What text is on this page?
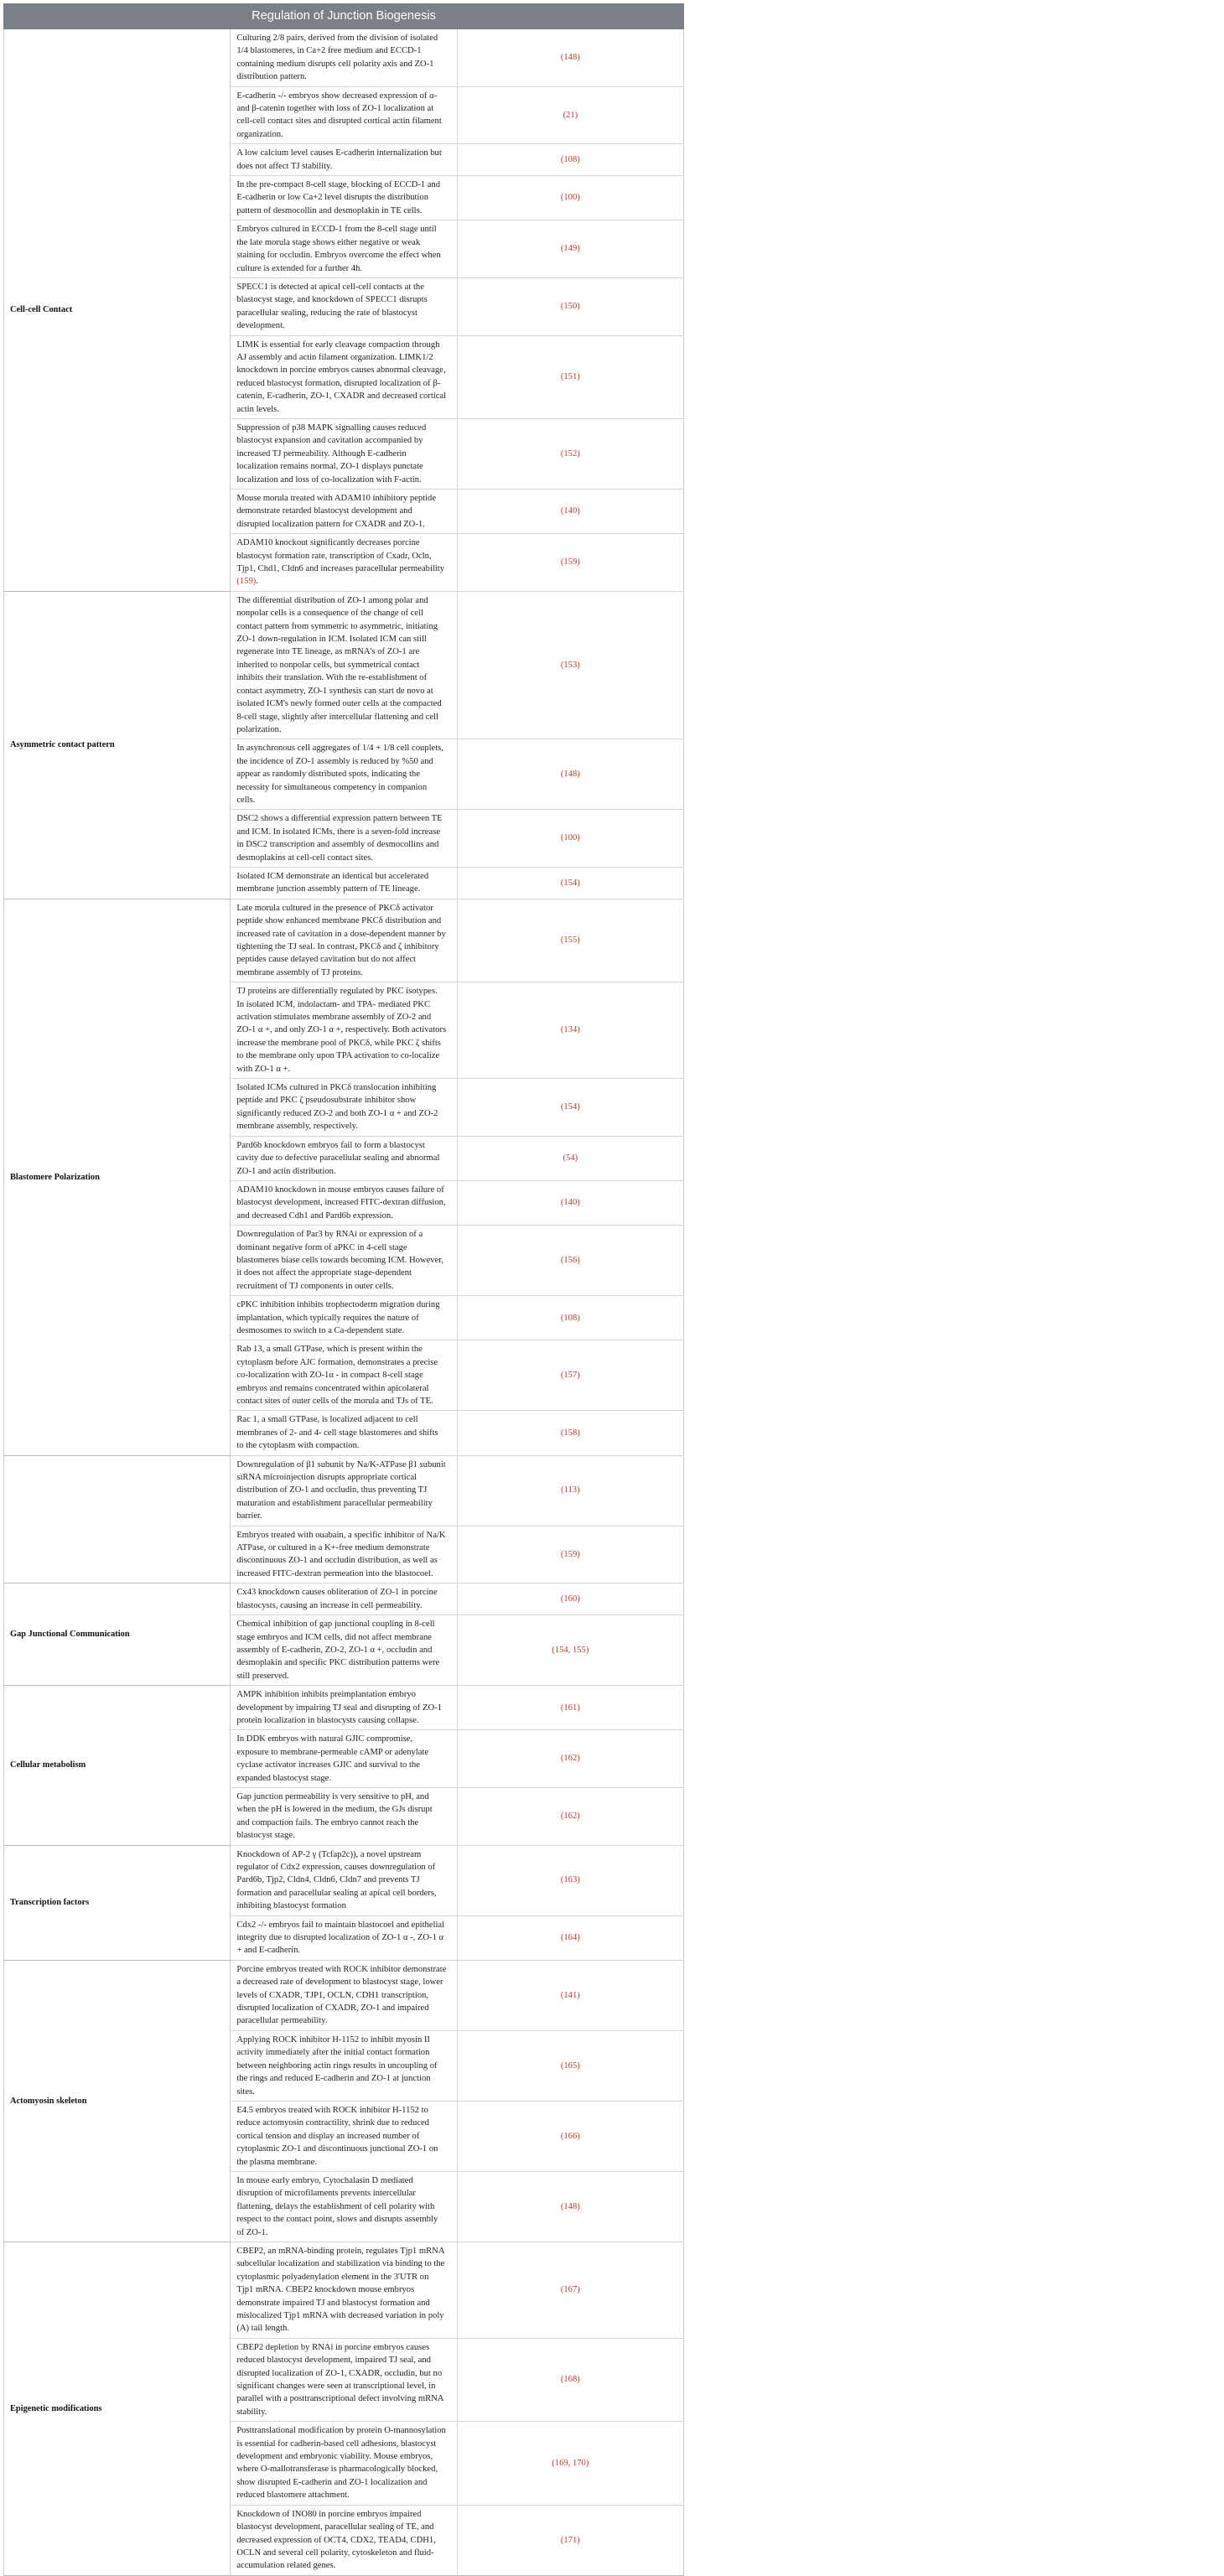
Regulation of Junction Biogenesis		
Cell-cell Contact	Culturing 2/8 pairs, derived from the division of isolated 1/4 blastomeres, in Ca+2 free medium and ECCD-1 containing medium disrupts cell polarity axis and ZO-1 distribution pattern.	(148)
	E-cadherin -/- embryos show decreased expression of α- and β-catenin together with loss of ZO-1 localization at cell-cell contact sites and disrupted cortical actin filament organization.	(21)
	A low calcium level causes E-cadherin internalization but does not affect TJ stability.	(108)
	In the pre-compact 8-cell stage, blocking of ECCD-1 and E-cadherin or low Ca+2 level disrupts the distribution pattern of desmocollin and desmoplakin in TE cells.	(100)
	Embryos cultured in ECCD-1 from the 8-cell stage until the late morula stage shows either negative or weak staining for occludin. Embryos overcome the effect when culture is extended for a further 4h.	(149)
	SPECC1 is detected at apical cell-cell contacts at the blastocyst stage, and knockdown of SPECC1 disrupts paracellular sealing, reducing the rate of blastocyst development.	(150)
	LIMK is essential for early cleavage compaction through AJ assembly and actin filament organization. LIMK1/2 knockdown in porcine embryos causes abnormal cleavage, reduced blastocyst formation, disrupted localization of β-catenin, E-cadherin, ZO-1, CXADR and decreased cortical actin levels.	(151)
	Suppression of p38 MAPK signalling causes reduced blastocyst expansion and cavitation accompanied by increased TJ permeability. Although E-cadherin localization remains normal, ZO-1 displays punctate localization and loss of co-localization with F-actin.	(152)
	Mouse morula treated with ADAM10 inhibitory peptide demonstrate retarded blastocyst development and disrupted localization pattern for CXADR and ZO-1.	(140)
	ADAM10 knockout significantly decreases porcine blastocyst formation rate, transcription of Cxadr, Ocln, Tjp1, Chd1, Cldn6 and increases paracellular permeability (159).	(159)
Asymmetric contact pattern	The differential distribution of ZO-1 among polar and nonpolar cells is a consequence of the change of cell contact pattern from symmetric to asymmetric, initiating ZO-1 down-regulation in ICM. Isolated ICM can still regenerate into TE lineage, as mRNA's of ZO-1 are inherited to nonpolar cells, but symmetrical contact inhibits their translation. With the re-establishment of contact asymmetry, ZO-1 synthesis can start de novo at isolated ICM's newly formed outer cells at the compacted 8-cell stage, slightly after intercellular flattening and cell polarization.	(153)
	In asynchronous cell aggregates of 1/4 + 1/8 cell couplets, the incidence of ZO-1 assembly is reduced by %50 and appear as randomly distributed spots, indicating the necessity for simultaneous competency in companion cells.	(148)
	DSC2 shows a differential expression pattern between TE and ICM. In isolated ICMs, there is a seven-fold increase in DSC2 transcription and assembly of desmocollins and desmoplakins at cell-cell contact sites.	(100)
	Isolated ICM demonstrate an identical but accelerated membrane junction assembly pattern of TE lineage.	(154)
Blastomere Polarization	Late morula cultured in the presence of PKCδ activator peptide show enhanced membrane PKCδ distribution and increased rate of cavitation in a dose-dependent manner by tightening the TJ seal. In contrast, PKCδ and ζ inhibitory peptides cause delayed cavitation but do not affect membrane assembly of TJ proteins.	(155)
	TJ proteins are differentially regulated by PKC isotypes. In isolated ICM, indolactam- and TPA- mediated PKC activation stimulates membrane assembly of ZO-2 and ZO-1 α +, and only ZO-1 α +, respectively. Both activators increase the membrane pool of PKCδ, while PKC ζ shifts to the membrane only upon TPA activation to co-localize with ZO-1 α +.	(134)
	Isolated ICMs cultured in PKCδ translocation inhibiting peptide and PKC ζ pseudosubstrate inhibitor show significantly reduced ZO-2 and both ZO-1 α + and ZO-2 membrane assembly, respectively.	(154)
	Pard6b knockdown embryos fail to form a blastocyst cavity due to defective paracellular sealing and abnormal ZO-1 and actin distribution.	(54)
	ADAM10 knockdown in mouse embryos causes failure of blastocyst development, increased FITC-dextran diffusion, and decreased Cdh1 and Pard6b expression.	(140)
	Downregulation of Par3 by RNAi or expression of a dominant negative form of aPKC in 4-cell stage blastomeres biase cells towards becoming ICM. However, it does not affect the appropriate stage-dependent recruitment of TJ components in outer cells.	(156)
	cPKC inhibition inhibits trophectoderm migration during implantation, which typically requires the nature of desmosomes to switch to a Ca-dependent state.	(108)
	Rab 13, a small GTPase, which is present within the cytoplasm before AJC formation, demonstrates a precise co-localization with ZO-1α - in compact 8-cell stage embryos and remains concentrated within apicolateral contact sites of outer cells of the morula and TJs of TE.	(157)
	Rac 1, a small GTPase, is localized adjacent to cell membranes of 2- and 4- cell stage blastomeres and shifts to the cytoplasm with compaction.	(158)
	Downregulation of β1 subunit by Na/K-ATPase β1 subunit siRNA microinjection disrupts appropriate cortical distribution of ZO-1 and occludin, thus preventing TJ maturation and establishment paracellular permeability barrier.	(113)
	Embryos treated with ouabain, a specific inhibitor of Na/K ATPase, or cultured in a K+-free medium demonstrate discontinuous ZO-1 and occludin distribution, as well as increased FITC-dextran permeation into the blastocoel.	(159)
Gap Junctional Communication	Cx43 knockdown causes obliteration of ZO-1 in porcine blastocysts, causing an increase in cell permeability.	(160)
	Chemical inhibition of gap junctional coupling in 8-cell stage embryos and ICM cells, did not affect membrane assembly of E-cadherin, ZO-2, ZO-1 α +, occludin and desmoplakin and specific PKC distribution patterns were still preserved.	(154, 155)
Cellular metabolism	AMPK inhibition inhibits preimplantation embryo development by impairing TJ seal and disrupting of ZO-1 protein localization in blastocysts causing collapse.	(161)
	In DDK embryos with natural GJIC compromise, exposure to membrane-permeable cAMP or adenylate cyclase activator increases GJIC and survival to the expanded blastocyst stage.	(162)
	Gap junction permeability is very sensitive to pH, and when the pH is lowered in the medium, the GJs disrupt and compaction fails. The embryo cannot reach the blastocyst stage.	(162)
Transcription factors	Knockdown of AP-2 γ (Tcfap2c)), a novel upstream regulator of Cdx2 expression, causes downregulation of Pard6b, Tjp2, Cldn4, Cldn6, Cldn7 and prevents TJ formation and paracellular sealing at apical cell borders, inhibiting blastocyst formation	(163)
	Cdx2 -/- embryos fail to maintain blastocoel and epithelial integrity due to disrupted localization of ZO-1 α -, ZO-1 α + and E-cadherin.	(164)
Actomyosin skeleton	Porcine embryos treated with ROCK inhibitor demonstrate a decreased rate of development to blastocyst stage, lower levels of CXADR, TJP1, OCLN, CDH1 transcription, disrupted localization of CXADR, ZO-1 and impaired paracellular permeability.	(141)
	Applying ROCK inhibitor H-1152 to inhibit myosin II activity immediately after the initial contact formation between neighboring actin rings results in uncoupling of the rings and reduced E-cadherin and ZO-1 at junction sites.	(165)
	E4.5 embryos treated with ROCK inhibitor H-1152 to reduce actomyosin contractility, shrink due to reduced cortical tension and display an increased number of cytoplasmic ZO-1 and discontinuous junctional ZO-1 on the plasma membrane.	(166)
	In mouse early embryo, Cytochalasin D mediated disruption of microfilaments prevents intercellular flattening, delays the establishment of cell polarity with respect to the contact point, slows and disrupts assembly of ZO-1.	(148)
Epigenetic modifications	CBEP2, an mRNA-binding protein, regulates Tjp1 mRNA subcellular localization and stabilization via binding to the cytoplasmic polyadenylation element in the 3'UTR on Tjp1 mRNA. CBEP2 knockdown mouse embryos demonstrate impaired TJ and blastocyst formation and mislocalized Tjp1 mRNA with decreased variation in poly (A) tail length.	(167)
	CBEP2 depletion by RNAi in porcine embryos causes reduced blastocyst development, impaired TJ seal, and disrupted localization of ZO-1, CXADR, occludin, but no significant changes were seen at transcriptional level, in parallel with a posttranscriptional defect involving mRNA stability.	(168)
	Posttranslational modification by protein O-mannosylation is essential for cadherin-based cell adhesions, blastocyst development and embryonic viability. Mouse embryos, where O-mallotransferase is pharmacologically blocked, show disrupted E-cadherin and ZO-1 localization and reduced blastomere attachment.	(169, 170)
	Knockdown of INO80 in porcine embryos impaired blastocyst development, paracellular sealing of TE, and decreased expression of OCT4, CDX2, TEAD4, CDH1, OCLN and several cell polarity, cytoskeleton and fluid-accumulation related genes.	(171)
